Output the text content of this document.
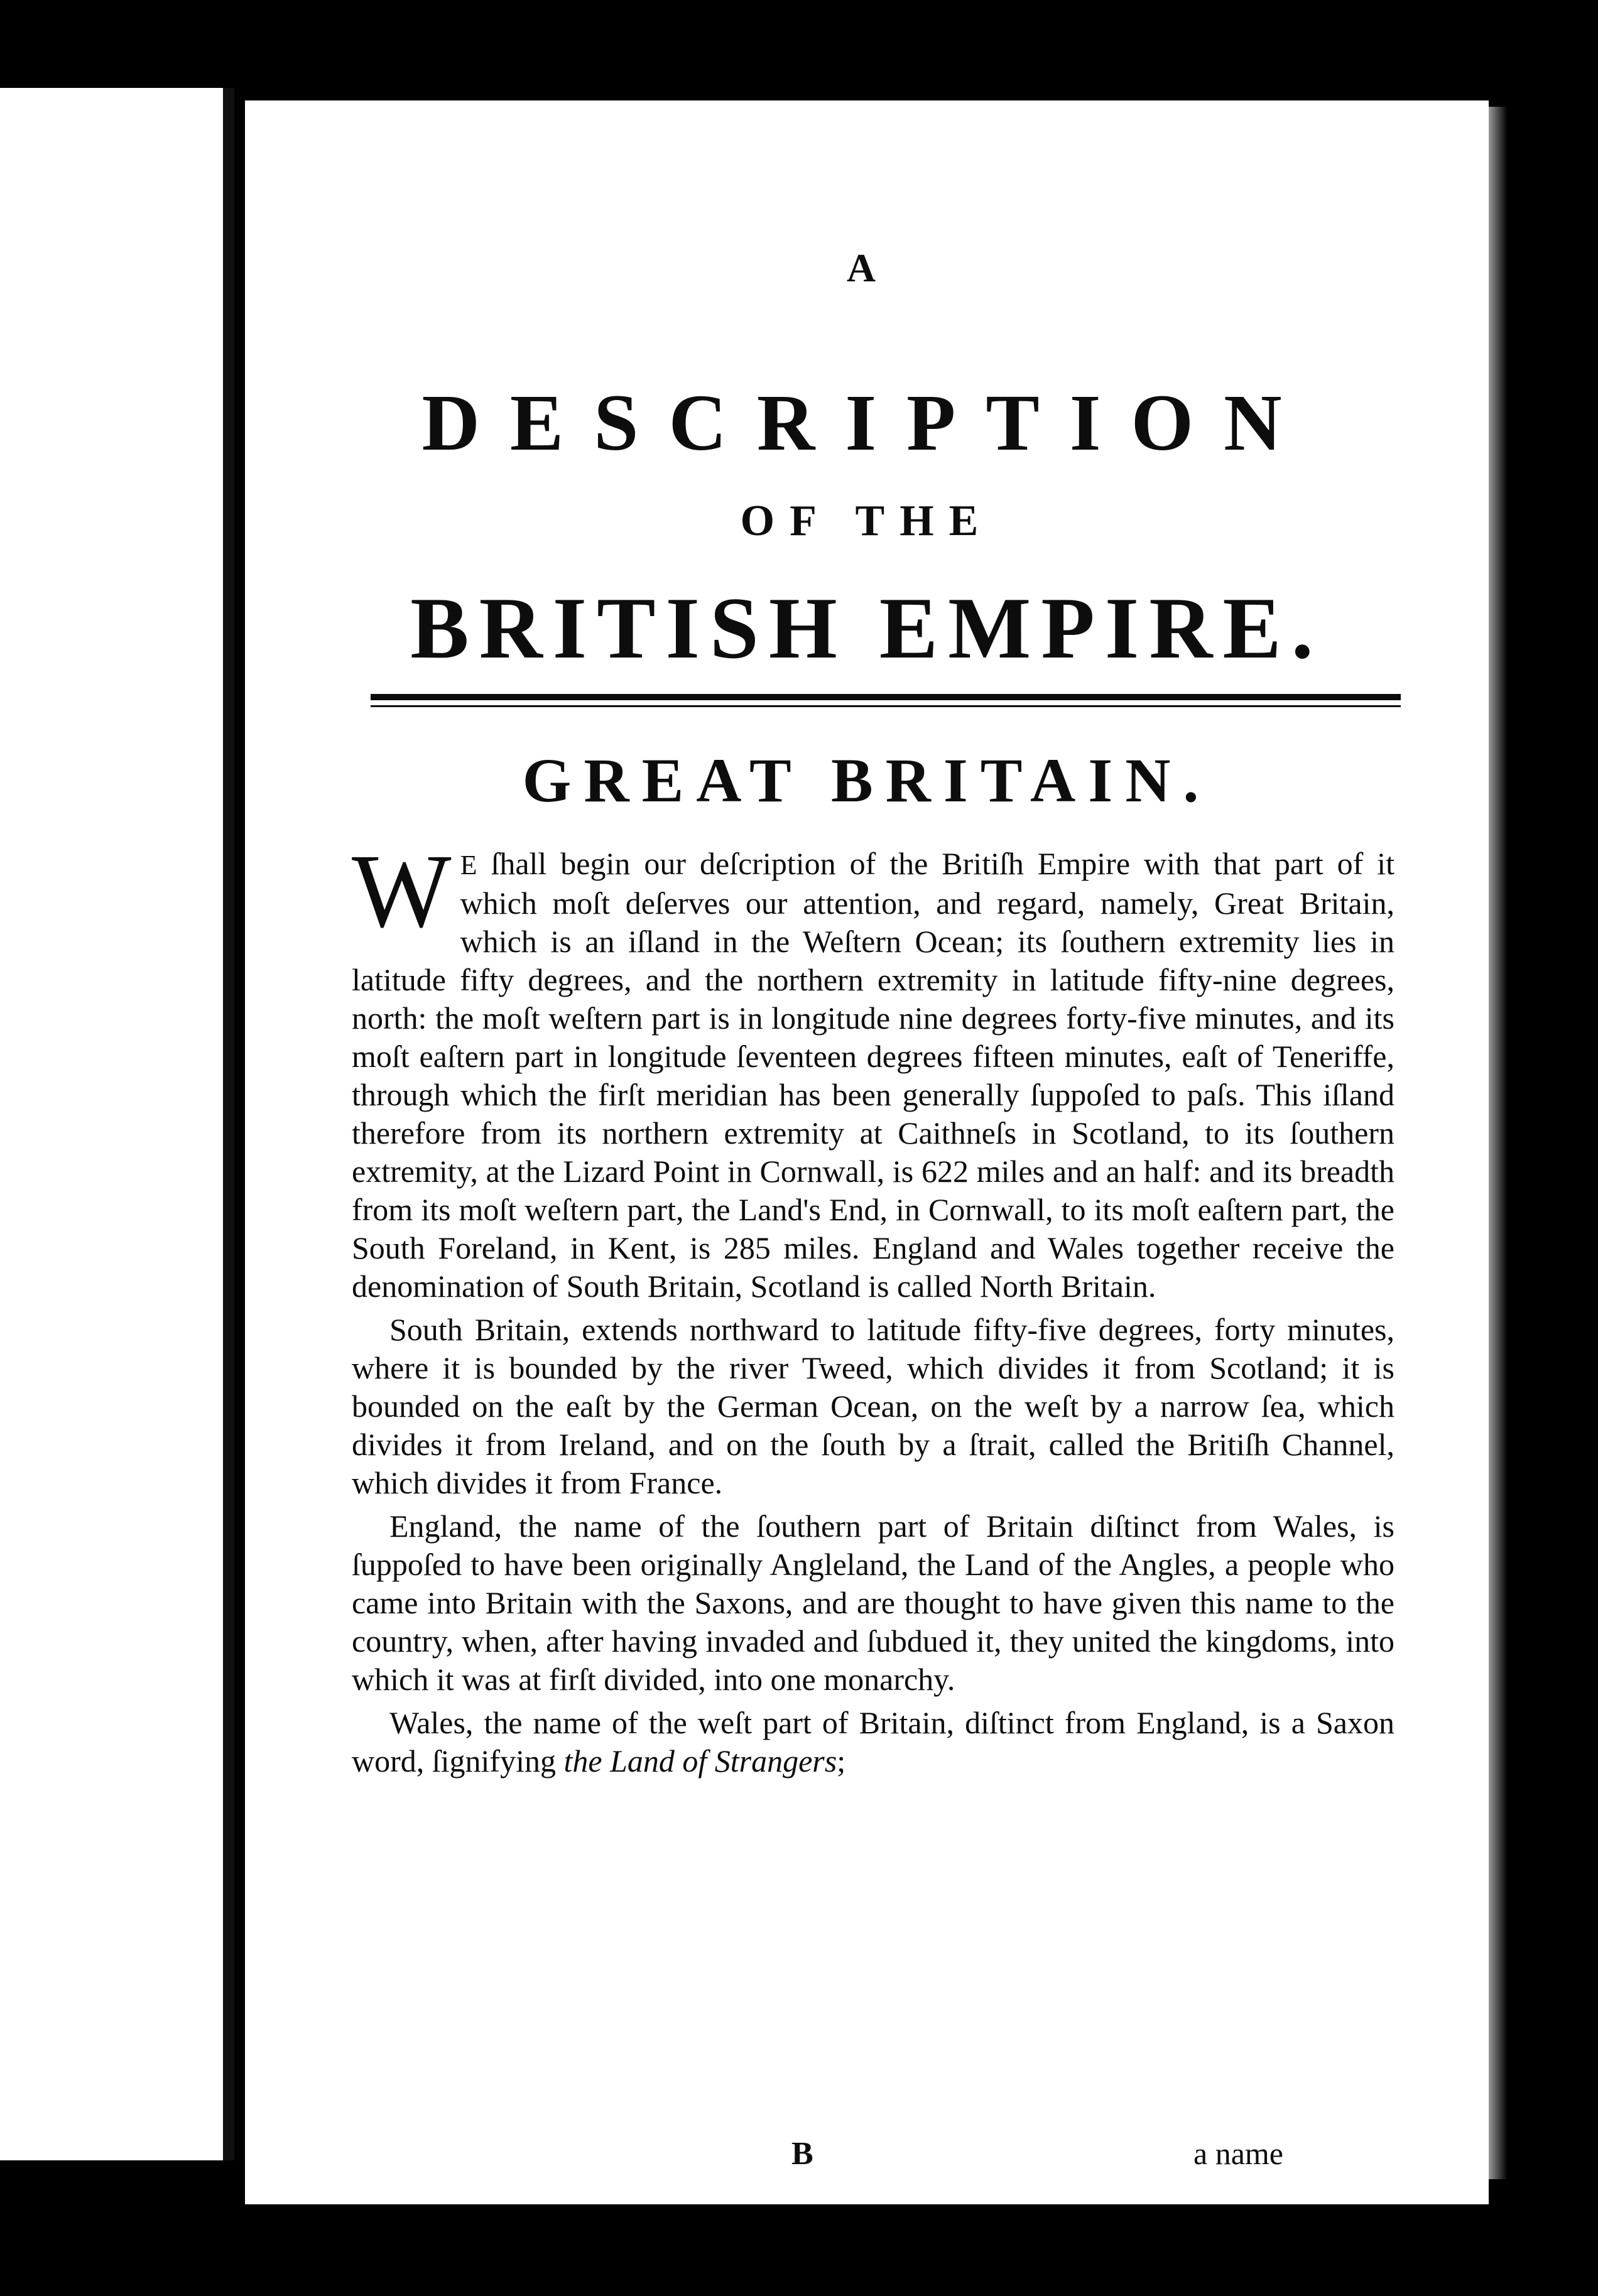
A
DESCRIPTION
OF THE
BRITISH EMPIRE.
GREAT BRITAIN.

WE ſhall begin our deſcription of the Britiſh Empire with that part of it which moſt deſerves our attention, and regard, namely, Great Britain, which is an iſland in the Weſtern Ocean; its ſouthern extremity lies in latitude fifty degrees, and the northern extremity in latitude fifty-nine degrees, north: the moſt weſtern part is in longitude nine degrees forty-five minutes, and its moſt eaſtern part in longitude ſeventeen degrees fifteen minutes, eaſt of Teneriffe, through which the firſt meridian has been generally ſuppoſed to paſs. This iſland therefore from its northern extremity at Caithneſs in Scotland, to its ſouthern extremity, at the Lizard Point in Cornwall, is 622 miles and an half: and its breadth from its moſt weſtern part, the Land's End, in Cornwall, to its moſt eaſtern part, the South Foreland, in Kent, is 285 miles. England and Wales together receive the denomination of South Britain, Scotland is called North Britain.

South Britain, extends northward to latitude fifty-five degrees, forty minutes, where it is bounded by the river Tweed, which divides it from Scotland; it is bounded on the eaſt by the German Ocean, on the weſt by a narrow ſea, which divides it from Ireland, and on the ſouth by a ſtrait, called the Britiſh Channel, which divides it from France.

England, the name of the ſouthern part of Britain diſtinct from Wales, is ſuppoſed to have been originally Angleland, the Land of the Angles, a people who came into Britain with the Saxons, and are thought to have given this name to the country, when, after having invaded and ſubdued it, they united the kingdoms, into which it was at firſt divided, into one monarchy.

Wales, the name of the weſt part of Britain, diſtinct from England, is a Saxon word, ſignifying the Land of Strangers;

B	a name
